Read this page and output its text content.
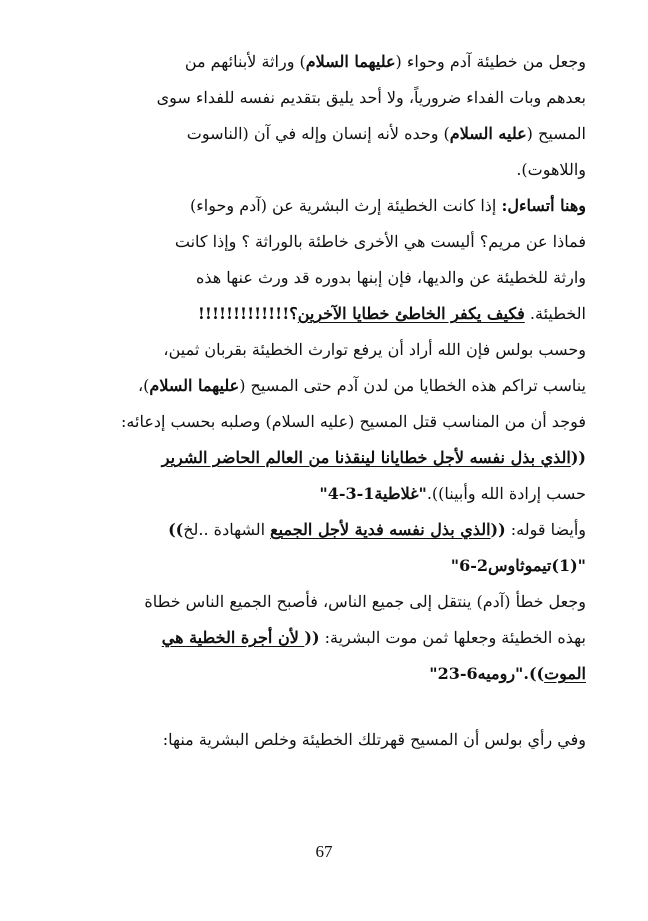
وجعل من خطيئة آدم وحواء (عليهما السلام) وراثة لأبنائهم من
بعدهم وبات الفداء ضرورياً، ولا أحد يليق بتقديم نفسه للفداء سوى
المسيح (عليه السلام) وحده لأنه إنسان وإله في آن (الناسوت
واللاهوت).
وهنا أتساءل: إذا كانت الخطيئة إرث البشرية عن (آدم وحواء)
فماذا عن مريم؟ أليست هي الأخرى خاطئة بالوراثة ؟ وإذا كانت
وارثة للخطيئة عن والديها، فإن إبنها بدوره قد ورث عنها هذه
الخطيئة. فكيف يكفر الخاطئ خطايا الآخرين؟!!!!!!!!!!!!!
وحسب بولس فإن الله أراد أن يرفع توارث الخطيئة بقربان ثمين،
يناسب تراكم هذه الخطايا من لدن آدم حتى المسيح (عليهما السلام)،
فوجد أن من المناسب قتل المسيح (عليه السلام) وصلبه بحسب إدعائه:
((الذي بذل نفسه لأجل خطايانا لينقذنا من العالم الحاضر الشرير
حسب إرادة الله وأبينا))."غلاطية1-3-4"
وأيضا قوله: ((الذي بذل نفسه فدية لأجل الجميع الشهادة ..لخ))
"(1)تيموثاوس2-6"
وجعل خطأ (آدم) ينتقل إلى جميع الناس، فأصبح الجميع الناس خطاة
بهذه الخطيئة وجعلها ثمن موت البشرية: (( لأن أجرة الخطية هي
الموت))."روميه6-23"
وفي رأي بولس أن المسيح قهرتلك الخطيئة وخلص البشرية منها:
67
